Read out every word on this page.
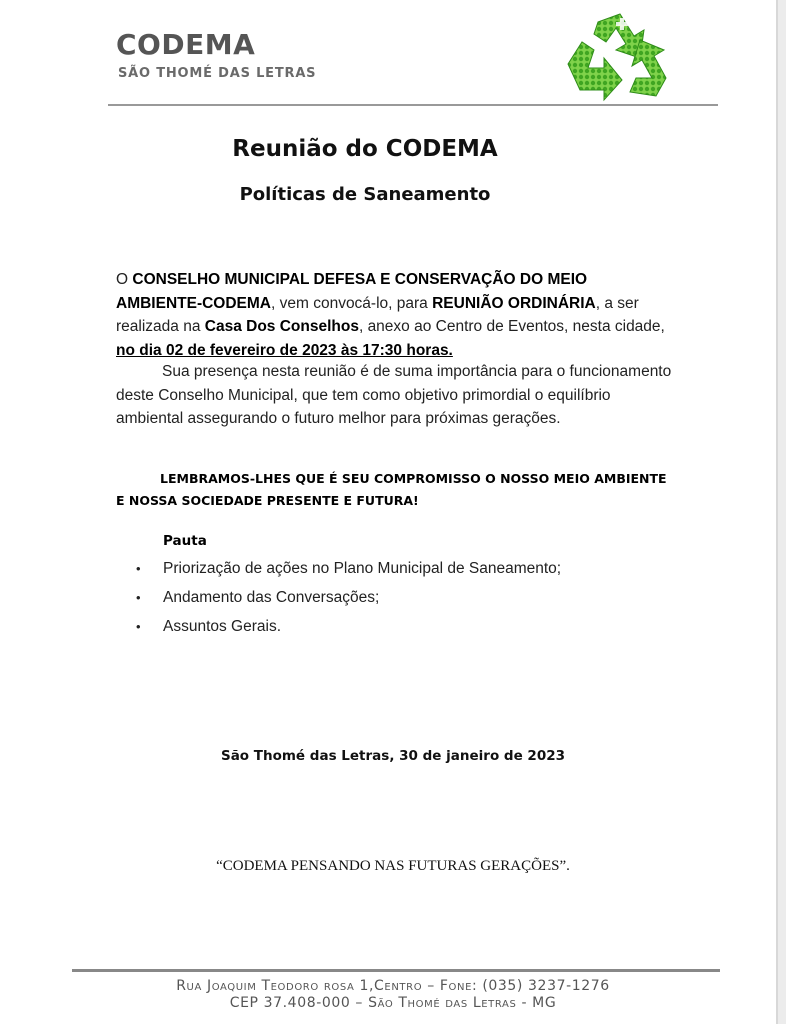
CODEMA
SÃO THOMÉ DAS LETRAS
Reunião do CODEMA
Políticas de Saneamento

O CONSELHO MUNICIPAL DEFESA E CONSERVAÇÃO DO MEIO AMBIENTE-CODEMA, vem convocá-lo, para REUNIÃO ORDINÁRIA, a ser realizada na Casa Dos Conselhos, anexo ao Centro de Eventos, nesta cidade, no dia 02 de fevereiro de 2023 às 17:30 horas.

Sua presença nesta reunião é de suma importância para o funcionamento deste Conselho Municipal, que tem como objetivo primordial o equilíbrio ambiental assegurando o futuro melhor para próximas gerações.

LEMBRAMOS-LHES QUE É SEU COMPROMISSO O NOSSO MEIO AMBIENTE E NOSSA SOCIEDADE PRESENTE E FUTURA!

Pauta
• Priorização de ações no Plano Municipal de Saneamento;
• Andamento das Conversações;
• Assuntos Gerais.
São Thomé das Letras, 30 de janeiro de 2023
“CODEMA PENSANDO NAS FUTURAS GERAÇÕES”.
Rua Joaquim Teodoro rosa 1,Centro – Fone: (035) 3237-1276
CEP 37.408-000 – São Thomé das Letras - MG
